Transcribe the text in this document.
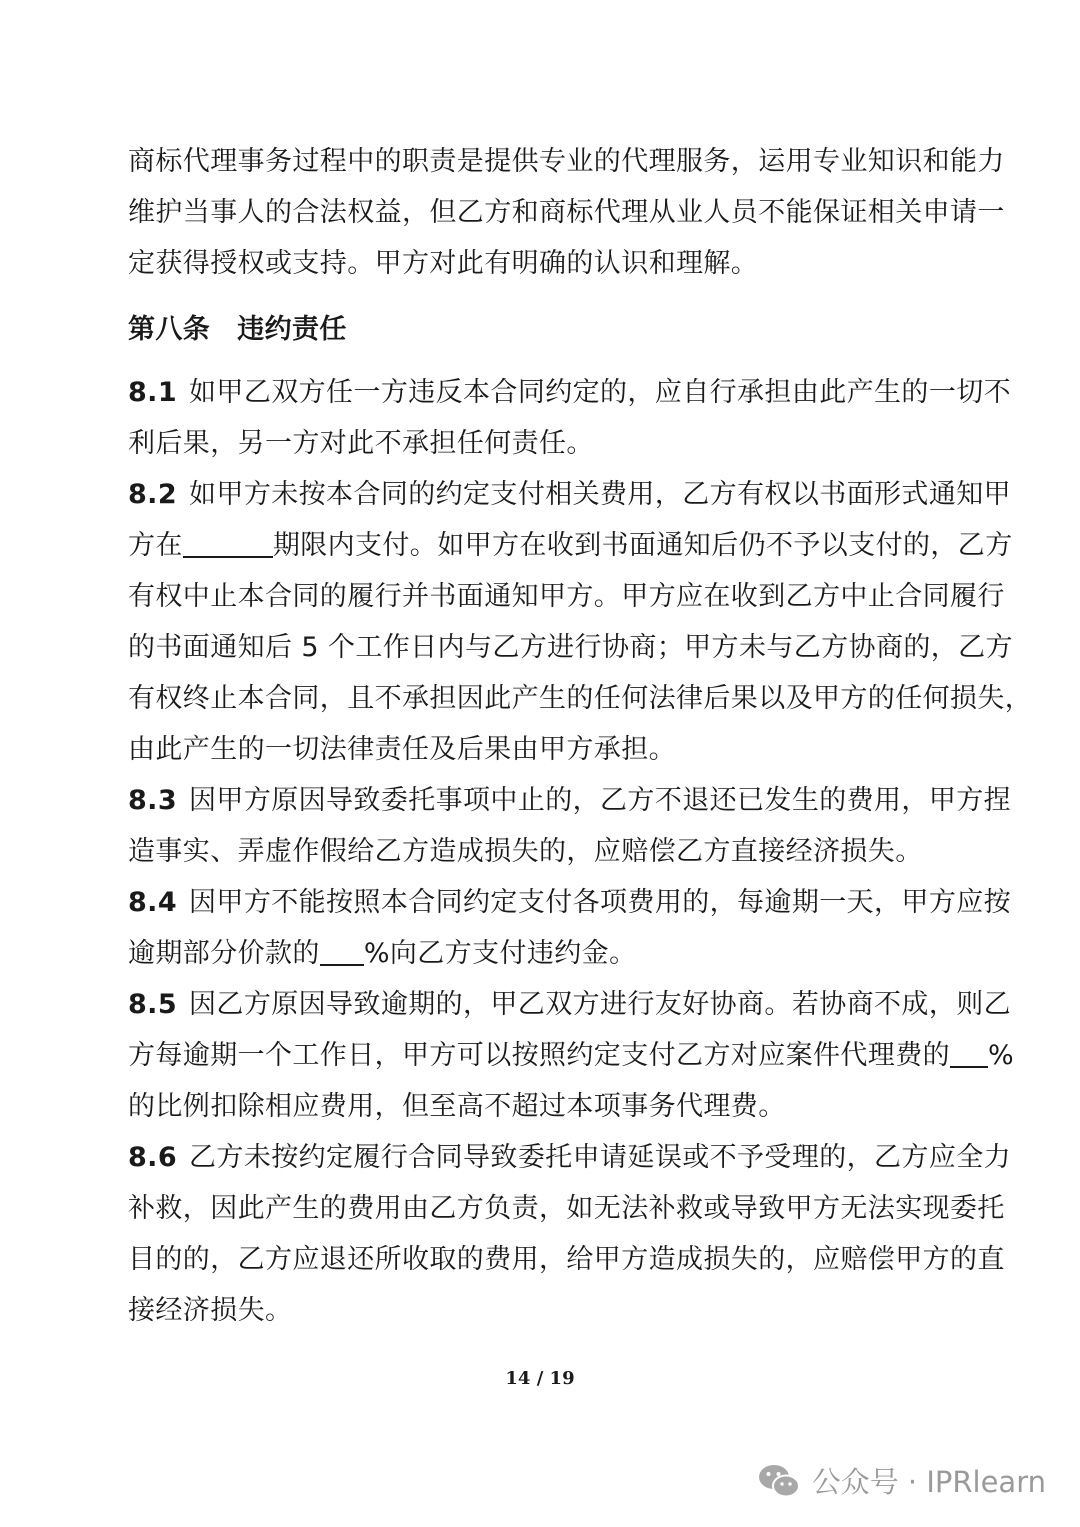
商标代理事务过程中的职责是提供专业的代理服务，运用专业知识和能力
维护当事人的合法权益，但乙方和商标代理从业人员不能保证相关申请一
定获得授权或支持。甲方对此有明确的认识和理解。
第八条 违约责任
8.1 如甲乙双方任一方违反本合同约定的，应自行承担由此产生的一切不
利后果，另一方对此不承担任何责任。
8.2 如甲方未按本合同的约定支付相关费用，乙方有权以书面形式通知甲
方在	期限内支付。如甲方在收到书面通知后仍不予以支付的，乙方
有权中止本合同的履行并书面通知甲方。甲方应在收到乙方中止合同履行
的书面通知后 5 个工作日内与乙方进行协商；甲方未与乙方协商的，乙方
有权终止本合同，且不承担因此产生的任何法律后果以及甲方的任何损失，
由此产生的一切法律责任及后果由甲方承担。
8.3 因甲方原因导致委托事项中止的，乙方不退还已发生的费用，甲方捏
造事实、弄虚作假给乙方造成损失的，应赔偿乙方直接经济损失。
8.4 因甲方不能按照本合同约定支付各项费用的，每逾期一天，甲方应按
逾期部分价款的 %向乙方支付违约金。
8.5 因乙方原因导致逾期的，甲乙双方进行友好协商。若协商不成，则乙
方每逾期一个工作日，甲方可以按照约定支付乙方对应案件代理费的 %
的比例扣除相应费用，但至高不超过本项事务代理费。
8.6 乙方未按约定履行合同导致委托申请延误或不予受理的，乙方应全力
补救，因此产生的费用由乙方负责，如无法补救或导致甲方无法实现委托
目的的，乙方应退还所收取的费用，给甲方造成损失的，应赔偿甲方的直
接经济损失。
14 / 19
公众号 · IPRlearn
